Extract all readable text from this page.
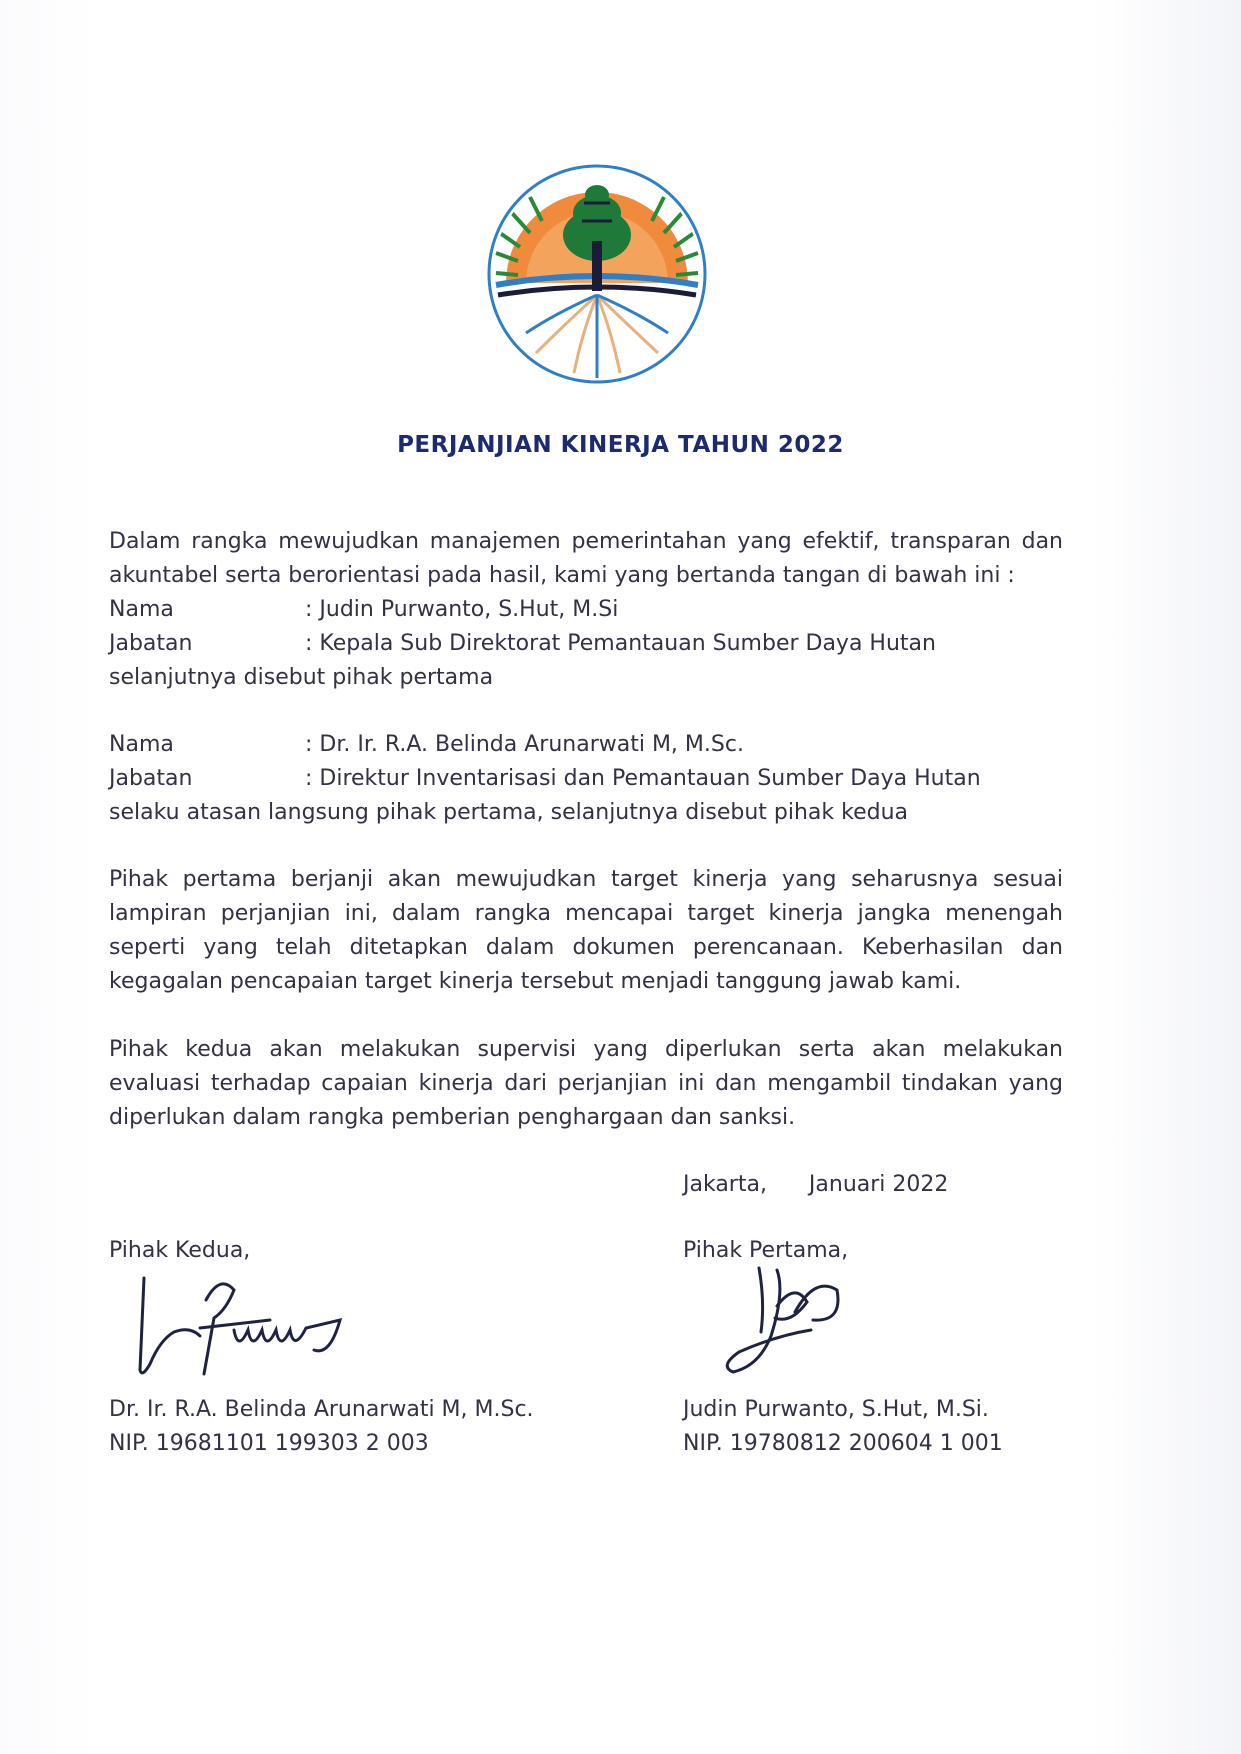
PERJANJIAN KINERJA TAHUN 2022
Dalam rangka mewujudkan manajemen pemerintahan yang efektif, transparan dan akuntabel serta berorientasi pada hasil, kami yang bertanda tangan di bawah ini :
Nama	: Judin Purwanto, S.Hut, M.Si
Jabatan	: Kepala Sub Direktorat Pemantauan Sumber Daya Hutan
selanjutnya disebut pihak pertama
Nama	: Dr. Ir. R.A. Belinda Arunarwati M, M.Sc.
Jabatan	: Direktur Inventarisasi dan Pemantauan Sumber Daya Hutan
selaku atasan langsung pihak pertama, selanjutnya disebut pihak kedua
Pihak pertama berjanji akan mewujudkan target kinerja yang seharusnya sesuai lampiran perjanjian ini, dalam rangka mencapai target kinerja jangka menengah seperti yang telah ditetapkan dalam dokumen perencanaan. Keberhasilan dan kegagalan pencapaian target kinerja tersebut menjadi tanggung jawab kami.
Pihak kedua akan melakukan supervisi yang diperlukan serta akan melakukan evaluasi terhadap capaian kinerja dari perjanjian ini dan mengambil tindakan yang diperlukan dalam rangka pemberian penghargaan dan sanksi.
Jakarta,      Januari 2022
Pihak Kedua,	Pihak Pertama,
Dr. Ir. R.A. Belinda Arunarwati M, M.Sc.
NIP. 19681101 199303 2 003
Judin Purwanto, S.Hut, M.Si.
NIP. 19780812 200604 1 001
